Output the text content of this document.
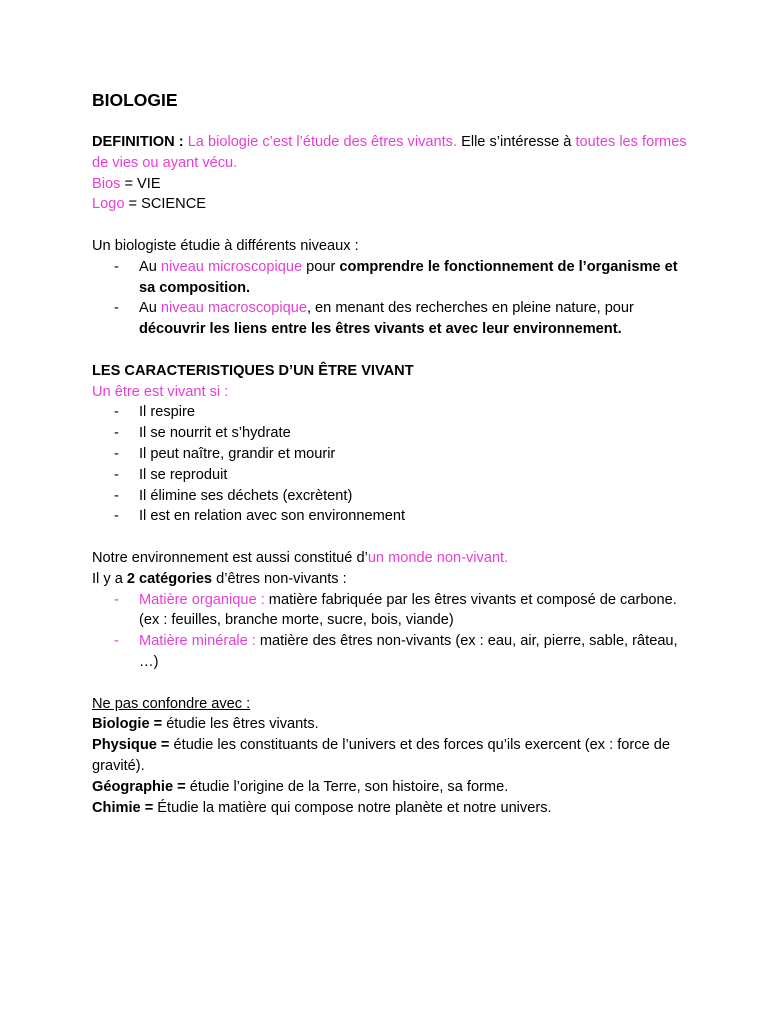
BIOLOGIE

DEFINITION : La biologie c’est l’étude des êtres vivants. Elle s’intéresse à toutes les formes de vies ou ayant vécu.

Bios = VIE

Logo = SCIENCE

Un biologiste étudie à différents niveaux :

- Au niveau microscopique pour comprendre le fonctionnement de l’organisme et sa composition.
- Au niveau macroscopique, en menant des recherches en pleine nature, pour découvrir les liens entre les êtres vivants et avec leur environnement.

LES CARACTERISTIQUES D’UN ÊTRE VIVANT

Un être est vivant si :

- Il respire
- Il se nourrit et s’hydrate
- Il peut naître, grandir et mourir
- Il se reproduit
- Il élimine ses déchets (excrètent)
- Il est en relation avec son environnement

Notre environnement est aussi constitué d’un monde non-vivant.

Il y a 2 catégories d’êtres non-vivants :

- Matière organique : matière fabriquée par les êtres vivants et composé de carbone. (ex : feuilles, branche morte, sucre, bois, viande)
- Matière minérale : matière des êtres non-vivants (ex : eau, air, pierre, sable, râteau, …)

Ne pas confondre avec :

Biologie = étudie les êtres vivants.

Physique = étudie les constituants de l’univers et des forces qu’ils exercent (ex : force de gravité).

Géographie = étudie l’origine de la Terre, son histoire, sa forme.

Chimie = Étudie la matière qui compose notre planète et notre univers.
